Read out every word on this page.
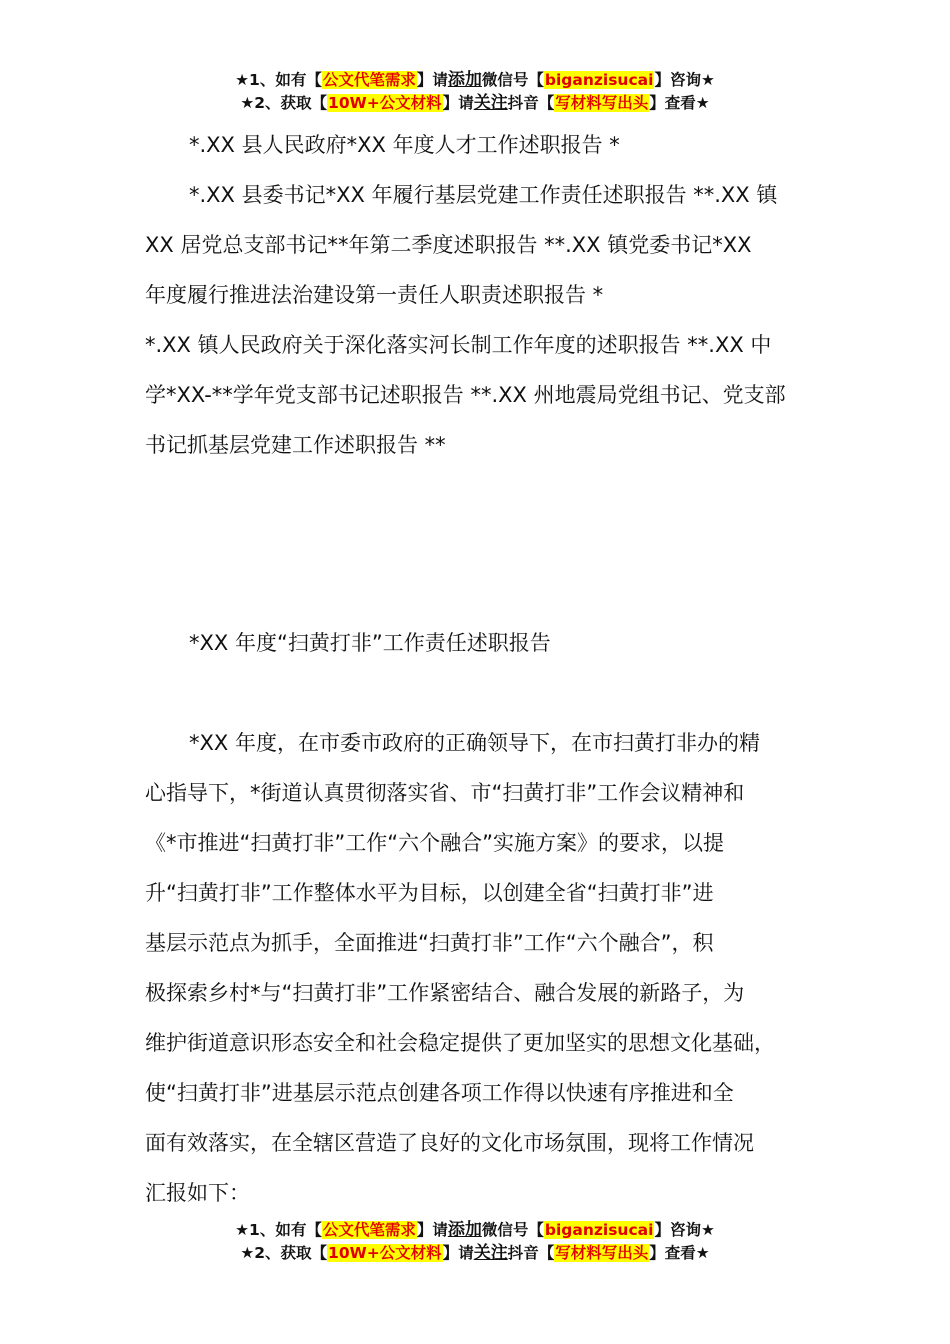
★1、如有【公文代笔需求】请添加微信号【biganzisucai】咨询★
★2、获取【10W+公文材料】请关注抖音【写材料写出头】查看★
*.XX 县人民政府*XX 年度人才工作述职报告 *
*.XX 县委书记*XX 年履行基层党建工作责任述职报告 **.XX 镇
XX 居党总支部书记**年第二季度述职报告 **.XX 镇党委书记*XX
年度履行推进法治建设第一责任人职责述职报告 *
*.XX 镇人民政府关于深化落实河长制工作年度的述职报告 **.XX 中
学*XX-**学年党支部书记述职报告 **.XX 州地震局党组书记、党支部
书记抓基层党建工作述职报告 **
*XX 年度“扫黄打非”工作责任述职报告
*XX 年度，在市委市政府的正确领导下，在市扫黄打非办的精
心指导下，*街道认真贯彻落实省、市“扫黄打非”工作会议精神和
《*市推进“扫黄打非”工作“六个融合”实施方案》的要求，以提
升“扫黄打非”工作整体水平为目标，以创建全省“扫黄打非”进
基层示范点为抓手，全面推进“扫黄打非”工作“六个融合”，积
极探索乡村*与“扫黄打非”工作紧密结合、融合发展的新路子，为
维护街道意识形态安全和社会稳定提供了更加坚实的思想文化基础，
使“扫黄打非”进基层示范点创建各项工作得以快速有序推进和全
面有效落实，在全辖区营造了良好的文化市场氛围，现将工作情况
汇报如下：
★1、如有【公文代笔需求】请添加微信号【biganzisucai】咨询★
★2、获取【10W+公文材料】请关注抖音【写材料写出头】查看★
